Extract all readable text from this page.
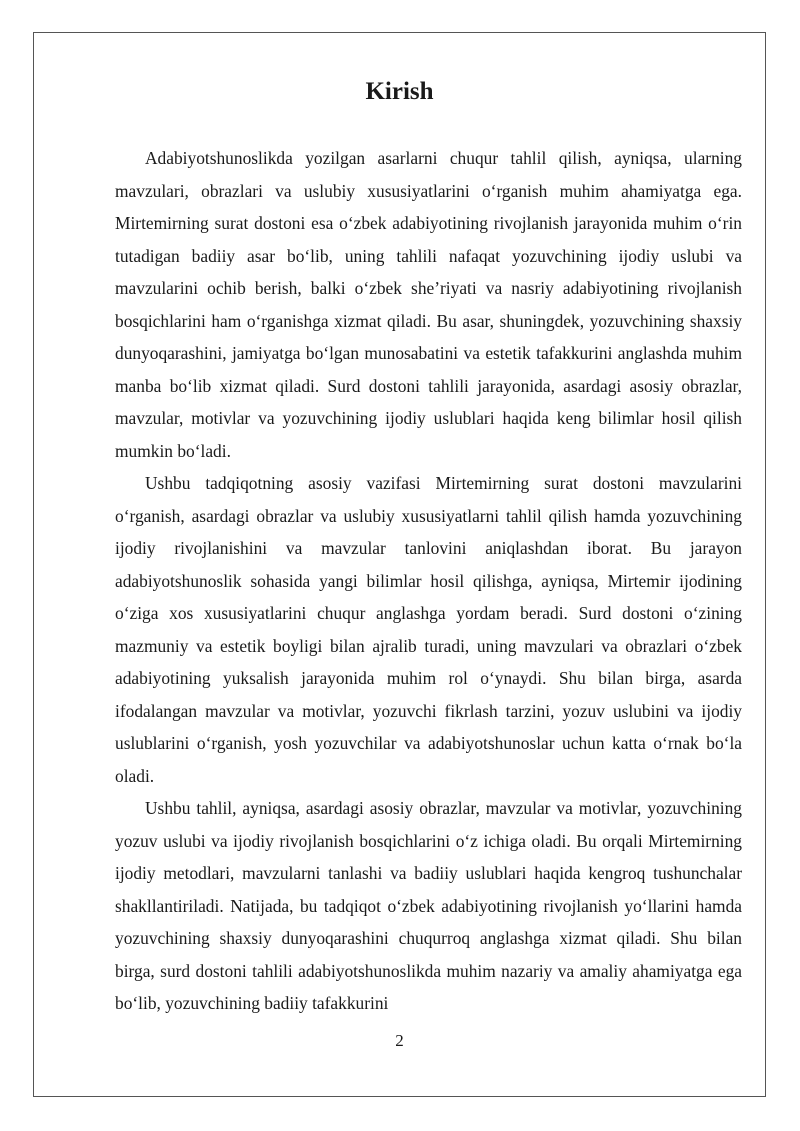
Kirish

Adabiyotshunoslikda yozilgan asarlarni chuqur tahlil qilish, ayniqsa, ularning mavzulari, obrazlari va uslubiy xususiyatlarini o‘rganish muhim ahamiyatga ega. Mirtemirning surat dostoni esa o‘zbek adabiyotining rivojlanish jarayonida muhim o‘rin tutadigan badiiy asar bo‘lib, uning tahlili nafaqat yozuvchining ijodiy uslubi va mavzularini ochib berish, balki o‘zbek she’riyati va nasriy adabiyotining rivojlanish bosqichlarini ham o‘rganishga xizmat qiladi. Bu asar, shuningdek, yozuvchining shaxsiy dunyoqarashini, jamiyatga bo‘lgan munosabatini va estetik tafakkurini anglashda muhim manba bo‘lib xizmat qiladi. Surd dostoni tahlili jarayonida, asardagi asosiy obrazlar, mavzular, motivlar va yozuvchining ijodiy uslublari haqida keng bilimlar hosil qilish mumkin bo‘ladi.

Ushbu tadqiqotning asosiy vazifasi Mirtemirning surat dostoni mavzularini o‘rganish, asardagi obrazlar va uslubiy xususiyatlarni tahlil qilish hamda yozuvchining ijodiy rivojlanishini va mavzular tanlovini aniqlashdan iborat. Bu jarayon adabiyotshunoslik sohasida yangi bilimlar hosil qilishga, ayniqsa, Mirtemir ijodining o‘ziga xos xususiyatlarini chuqur anglashga yordam beradi. Surd dostoni o‘zining mazmuniy va estetik boyligi bilan ajralib turadi, uning mavzulari va obrazlari o‘zbek adabiyotining yuksalish jarayonida muhim rol o‘ynaydi. Shu bilan birga, asarda ifodalangan mavzular va motivlar, yozuvchi fikrlash tarzini, yozuv uslubini va ijodiy uslublarini o‘rganish, yosh yozuvchilar va adabiyotshunoslar uchun katta o‘rnak bo‘la oladi.

Ushbu tahlil, ayniqsa, asardagi asosiy obrazlar, mavzular va motivlar, yozuvchining yozuv uslubi va ijodiy rivojlanish bosqichlarini o‘z ichiga oladi. Bu orqali Mirtemirning ijodiy metodlari, mavzularni tanlashi va badiiy uslublari haqida kengroq tushunchalar shakllantiriladi. Natijada, bu tadqiqot o‘zbek adabiyotining rivojlanish yo‘llarini hamda yozuvchining shaxsiy dunyoqarashini chuqurroq anglashga xizmat qiladi. Shu bilan birga, surd dostoni tahlili adabiyotshunoslikda muhim nazariy va amaliy ahamiyatga ega bo‘lib, yozuvchining badiiy tafakkurini

2
